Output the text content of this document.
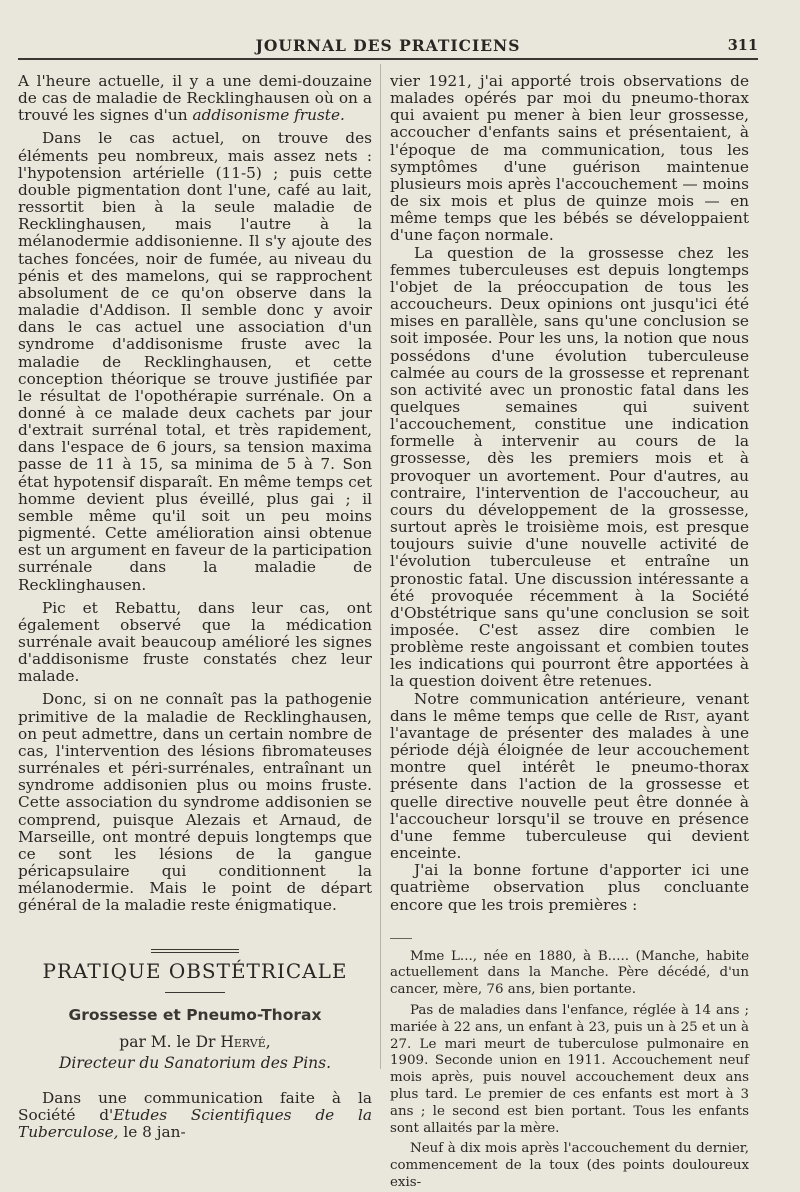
JOURNAL DES PRATICIENS	311

A l'heure actuelle, il y a une demi-douzaine de cas de maladie de Recklinghausen où on a trouvé les signes d'un addisonisme fruste.

Dans le cas actuel, on trouve des éléments peu nombreux, mais assez nets : l'hypotension artérielle (11-5) ; puis cette double pigmentation dont l'une, café au lait, ressortit bien à la seule maladie de Recklinghausen, mais l'autre à la mélanodermie addisonienne. Il s'y ajoute des taches foncées, noir de fumée, au niveau du pénis et des mamelons, qui se rapprochent absolument de ce qu'on observe dans la maladie d'Addison. Il semble donc y avoir dans le cas actuel une association d'un syndrome d'addisonisme fruste avec la maladie de Recklinghausen, et cette conception théorique se trouve justifiée par le résultat de l'opothérapie surrénale. On a donné à ce malade deux cachets par jour d'extrait surrénal total, et très rapidement, dans l'espace de 6 jours, sa tension maxima passe de 11 à 15, sa minima de 5 à 7. Son état hypotensif disparaît. En même temps cet homme devient plus éveillé, plus gai ; il semble même qu'il soit un peu moins pigmenté. Cette amélioration ainsi obtenue est un argument en faveur de la participation surrénale dans la maladie de Recklinghausen.

Pic et Rebattu, dans leur cas, ont également observé que la médication surrénale avait beaucoup amélioré les signes d'addisonisme fruste constatés chez leur malade.

Donc, si on ne connaît pas la pathogenie primitive de la maladie de Recklinghausen, on peut admettre, dans un certain nombre de cas, l'intervention des lésions fibromateuses surrénales et péri-surrénales, entraînant un syndrome addisonien plus ou moins fruste. Cette association du syndrome addisonien se comprend, puisque Alezais et Arnaud, de Marseille, ont montré depuis longtemps que ce sont les lésions de la gangue péricapsulaire qui conditionnent la mélanodermie. Mais le point de départ général de la maladie reste énigmatique.

PRATIQUE OBSTÉTRICALE
Grossesse et Pneumo-Thorax
par M. le Dr Hervé,
Directeur du Sanatorium des Pins.

Dans une communication faite à la Société d'Etudes Scientifiques de la Tuberculose, le 8 jan-

vier 1921, j'ai apporté trois observations de malades opérés par moi du pneumo-thorax qui avaient pu mener à bien leur grossesse, accoucher d'enfants sains et présentaient, à l'époque de ma communication, tous les symptômes d'une guérison maintenue plusieurs mois après l'accouchement — moins de six mois et plus de quinze mois — en même temps que les bébés se développaient d'une façon normale.

La question de la grossesse chez les femmes tuberculeuses est depuis longtemps l'objet de la préoccupation de tous les accoucheurs. Deux opinions ont jusqu'ici été mises en parallèle, sans qu'une conclusion se soit imposée. Pour les uns, la notion que nous possédons d'une évolution tuberculeuse calmée au cours de la grossesse et reprenant son activité avec un pronostic fatal dans les quelques semaines qui suivent l'accouchement, constitue une indication formelle à intervenir au cours de la grossesse, dès les premiers mois et à provoquer un avortement. Pour d'autres, au contraire, l'intervention de l'accoucheur, au cours du développement de la grossesse, surtout après le troisième mois, est presque toujours suivie d'une nouvelle activité de l'évolution tuberculeuse et entraîne un pronostic fatal. Une discussion intéressante a été provoquée récemment à la Société d'Obstétrique sans qu'une conclusion se soit imposée. C'est assez dire combien le problème reste angoissant et combien toutes les indications qui pourront être apportées à la question doivent être retenues.

Notre communication antérieure, venant dans le même temps que celle de Rist, ayant l'avantage de présenter des malades à une période déjà éloignée de leur accouchement montre quel intérêt le pneumo-thorax présente dans l'action de la grossesse et quelle directive nouvelle peut être donnée à l'accoucheur lorsqu'il se trouve en présence d'une femme tuberculeuse qui devient enceinte.

J'ai la bonne fortune d'apporter ici une quatrième observation plus concluante encore que les trois premières :

Mme L..., née en 1880, à B..... (Manche, habite actuellement dans la Manche. Père décédé, d'un cancer, mère, 76 ans, bien portante.

Pas de maladies dans l'enfance, réglée à 14 ans ; mariée à 22 ans, un enfant à 23, puis un à 25 et un à 27. Le mari meurt de tuberculose pulmonaire en 1909. Seconde union en 1911. Accouchement neuf mois après, puis nouvel accouchement deux ans plus tard. Le premier de ces enfants est mort à 3 ans ; le second est bien portant. Tous les enfants sont allaités par la mère.

Neuf à dix mois après l'accouchement du dernier, commencement de la toux (des points douloureux exis-
